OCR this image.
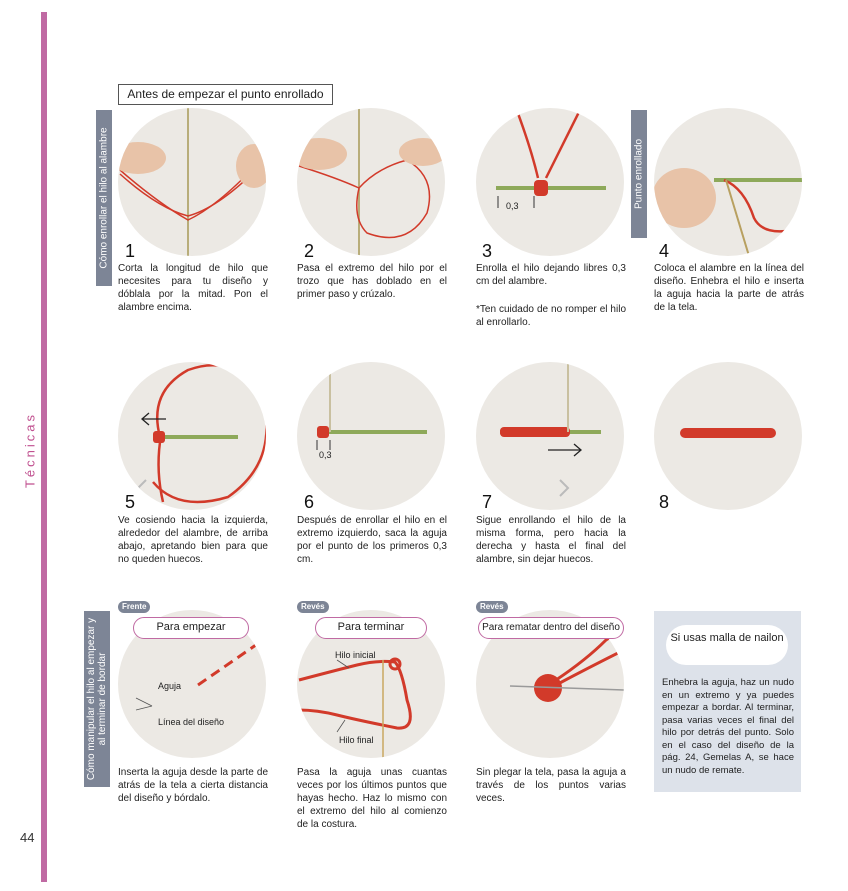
Técnicas
44
Antes de empezar el punto enrollado
Cómo enrollar el hilo al alambre	Punto enrollado
Cómo manipular el hilo al empezar y al terminar de bordar
0,3
1	2	3	4
Corta la longitud de hilo que necesites para tu diseño y dóblala por la mitad. Pon el alambre encima.
Pasa el extremo del hilo por el trozo que has doblado en el primer paso y crúzalo.
Enrolla el hilo dejando libres 0,3 cm del alambre.
*Ten cuidado de no romper el hilo al enrollarlo.
Coloca el alambre en la línea del diseño. Enhebra el hilo e inserta la aguja hacia la parte de atrás de la tela.
0,3
5	6	7	8
Ve cosiendo hacia la izquierda, alrededor del alambre, de arriba abajo, apretando bien para que no queden huecos.
Después de enrollar el hilo en el extremo izquierdo, saca la aguja por el punto de los primeros 0,3 cm.
Sigue enrollando el hilo de la misma forma, pero hacia la derecha y hasta el final del alambre, sin dejar huecos.
Frente	Revés	Revés
Aguja
Línea del diseño
Hilo inicial
Hilo final
Para empezar	Para terminar	Para rematar dentro del diseño
Inserta la aguja desde la parte de atrás de la tela a cierta distancia del diseño y bórdalo.
Pasa la aguja unas cuantas veces por los últimos puntos que hayas hecho. Haz lo mismo con el extremo del hilo al comienzo de la costura.
Sin plegar la tela, pasa la aguja a través de los puntos varias veces.
Si usas malla de nailon
Enhebra la aguja, haz un nudo en un extremo y ya puedes empezar a bordar. Al terminar, pasa varias veces el final del hilo por detrás del punto. Solo en el caso del diseño de la pág. 24, Gemelas A, se hace un nudo de remate.
